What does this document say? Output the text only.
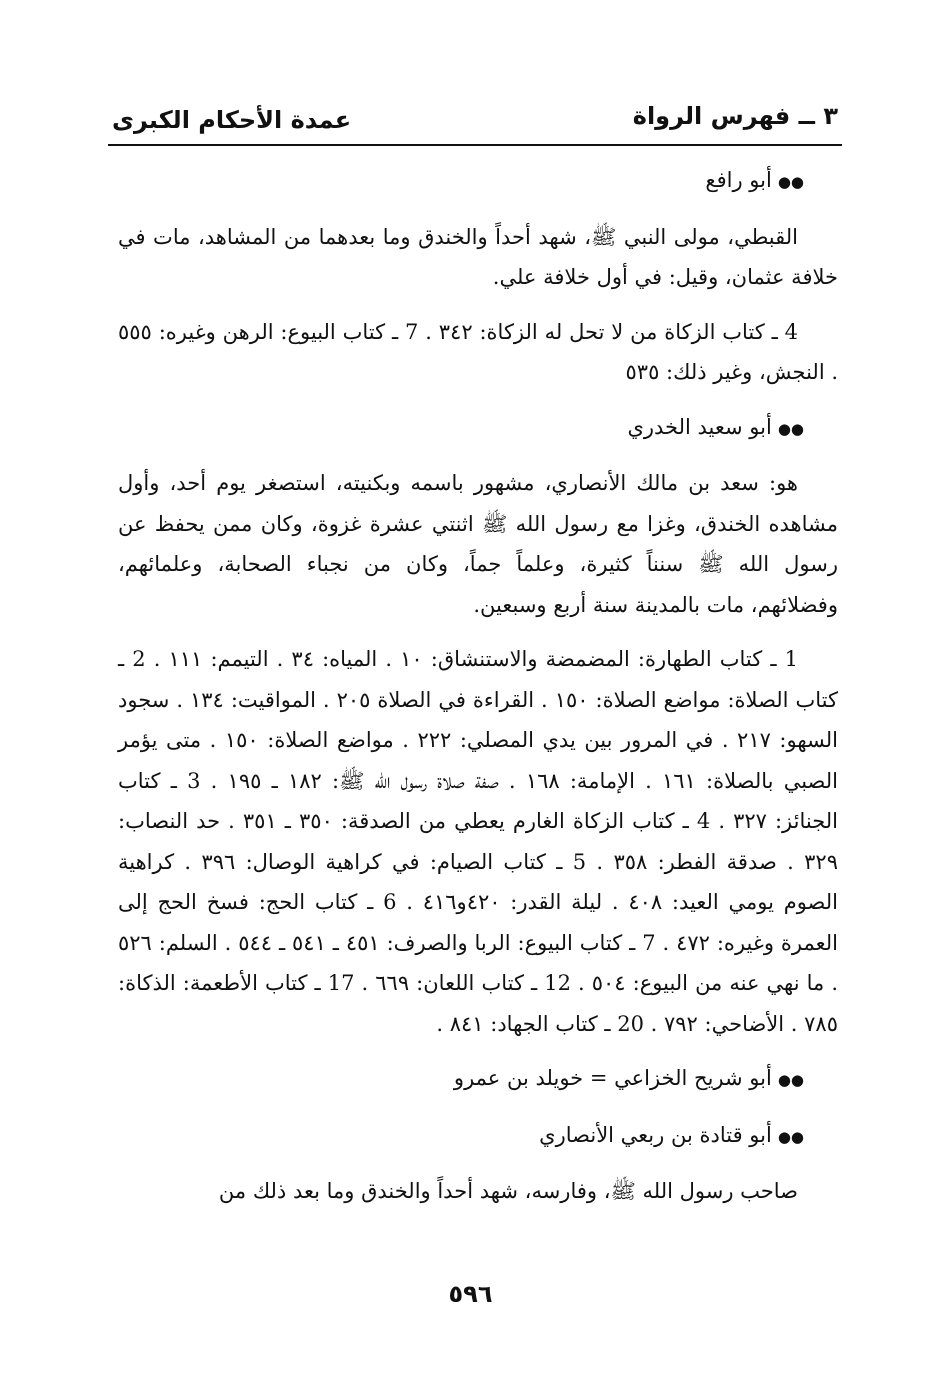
٣ ــ فهرس الرواة
عمدة الأحكام الكبرى

●●أبو رافع

القبطي، مولى النبي ﷺ، شهد أحداً والخندق وما بعدهما من المشاهد، مات في خلافة عثمان، وقيل: في أول خلافة علي.

4 ـ كتاب الزكاة من لا تحل له الزكاة: ٣٤٢ . 7 ـ كتاب البيوع: الرهن وغيره: ٥٥٥ . النجش، وغير ذلك: ٥٣٥

●●أبو سعيد الخدري

هو: سعد بن مالك الأنصاري، مشهور باسمه وبكنيته، استصغر يوم أحد، وأول مشاهده الخندق، وغزا مع رسول الله ﷺ اثنتي عشرة غزوة، وكان ممن يحفظ عن رسول الله ﷺ سنناً كثيرة، وعلماً جماً، وكان من نجباء الصحابة، وعلمائهم، وفضلائهم، مات بالمدينة سنة أربع وسبعين.

1 ـ كتاب الطهارة: المضمضة والاستنشاق: ١٠ . المياه: ٣٤ . التيمم: ١١١ . 2 ـ كتاب الصلاة: مواضع الصلاة: ١٥٠ . القراءة في الصلاة ٢٠٥ . المواقيت: ١٣٤ . سجود السهو: ٢١٧ . في المرور بين يدي المصلي: ٢٢٢ . مواضع الصلاة: ١٥٠ . متى يؤمر الصبي بالصلاة: ١٦١ . الإمامة: ١٦٨ . صفة صلاة رسول الله ﷺ: ١٨٢ ـ ١٩٥ . 3 ـ كتاب الجنائز: ٣٢٧ . 4 ـ كتاب الزكاة الغارم يعطي من الصدقة: ٣٥٠ ـ ٣٥١ . حد النصاب: ٣٢٩ . صدقة الفطر: ٣٥٨ . 5 ـ كتاب الصيام: في كراهية الوصال: ٣٩٦ . كراهية الصوم يومي العيد: ٤٠٨ . ليلة القدر: ٤٢٠و٤١٦ . 6 ـ كتاب الحج: فسخ الحج إلى العمرة وغيره: ٤٧٢ . 7 ـ كتاب البيوع: الربا والصرف: ٤٥١ ـ ٥٤١ ـ ٥٤٤ . السلم: ٥٢٦ . ما نهي عنه من البيوع: ٥٠٤ . 12 ـ كتاب اللعان: ٦٦٩ . 17 ـ كتاب الأطعمة: الذكاة: ٧٨٥ . الأضاحي: ٧٩٢ . 20 ـ كتاب الجهاد: ٨٤١ .

●●أبو شريح الخزاعي = خويلد بن عمرو

●●أبو قتادة بن ربعي الأنصاري

صاحب رسول الله ﷺ، وفارسه، شهد أحداً والخندق وما بعد ذلك من

٥٩٦
